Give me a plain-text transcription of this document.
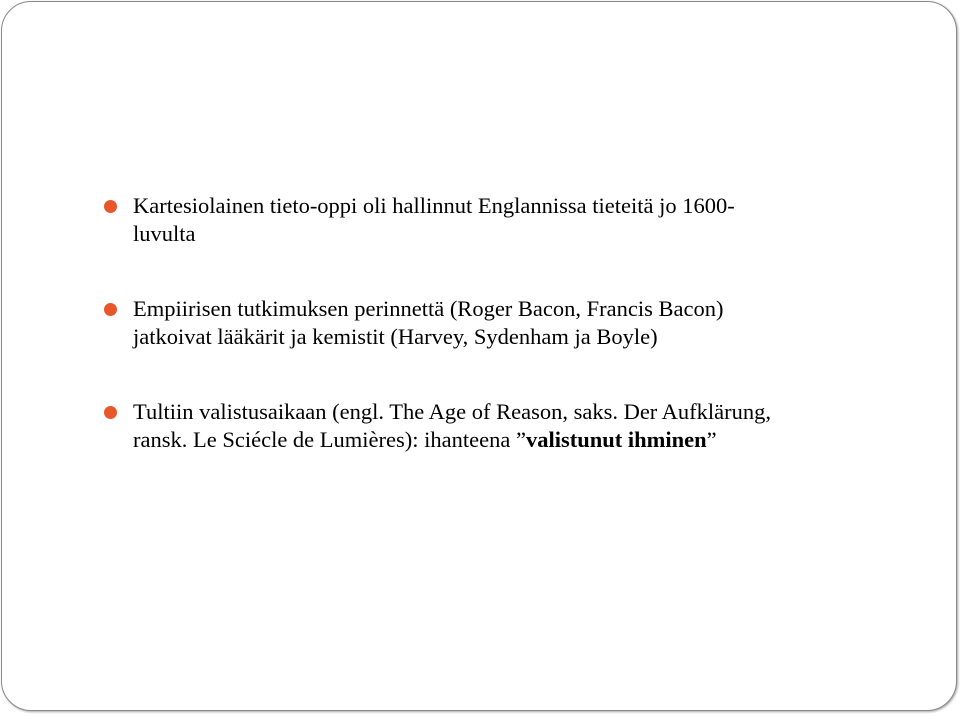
Kartesiolainen tieto-oppi oli hallinnut Englannissa tieteitä jo 1600-
luvulta
Empiirisen tutkimuksen perinnettä (Roger Bacon, Francis Bacon)
jatkoivat lääkärit ja kemistit (Harvey, Sydenham ja Boyle)
Tultiin valistusaikaan (engl. The Age of Reason, saks. Der Aufklärung,
ransk. Le Sciécle de Lumières): ihanteena ”valistunut ihminen”
